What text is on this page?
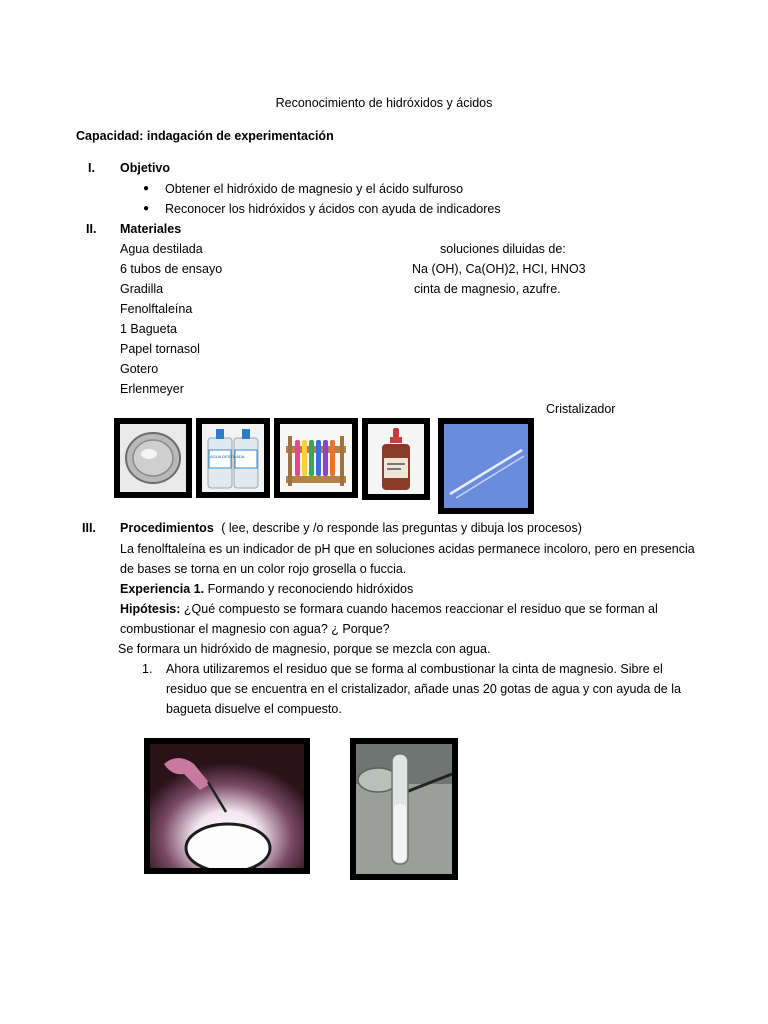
Reconocimiento de hidróxidos y ácidos
Capacidad: indagación de experimentación
I. Objetivo
● Obtener el hidróxido de magnesio y el ácido sulfuroso
● Reconocer los hidróxidos y ácidos con ayuda de indicadores
II. Materiales
Agua destilada
6 tubos de ensayo
Gradilla
Fenolftaleína
1 Bagueta
Papel tornasol
Gotero
Erlenmeyer
soluciones diluidas de:
Na (OH), Ca(OH)2, HCI, HNO3
cinta de magnesio, azufre.
Cristalizador
AGUA DESTILADA
III. Procedimientos ( lee, describe y /o responde las preguntas y dibuja los procesos)
La fenolftaleína es un indicador de pH que en soluciones acidas permanece incoloro, pero en presencia
de bases se torna en un color rojo grosella o fuccia.
Experiencia 1. Formando y reconociendo hidróxidos
Hipótesis: ¿Qué compuesto se formara cuando hacemos reaccionar el residuo que se forman al
combustionar el magnesio con agua? ¿ Porque?
Se formara un hidróxido de magnesio, porque se mezcla con agua.
1. Ahora utilizaremos el residuo que se forma al combustionar la cinta de magnesio. Sibre el
residuo que se encuentra en el cristalizador, añade unas 20 gotas de agua y con ayuda de la
bagueta disuelve el compuesto.
